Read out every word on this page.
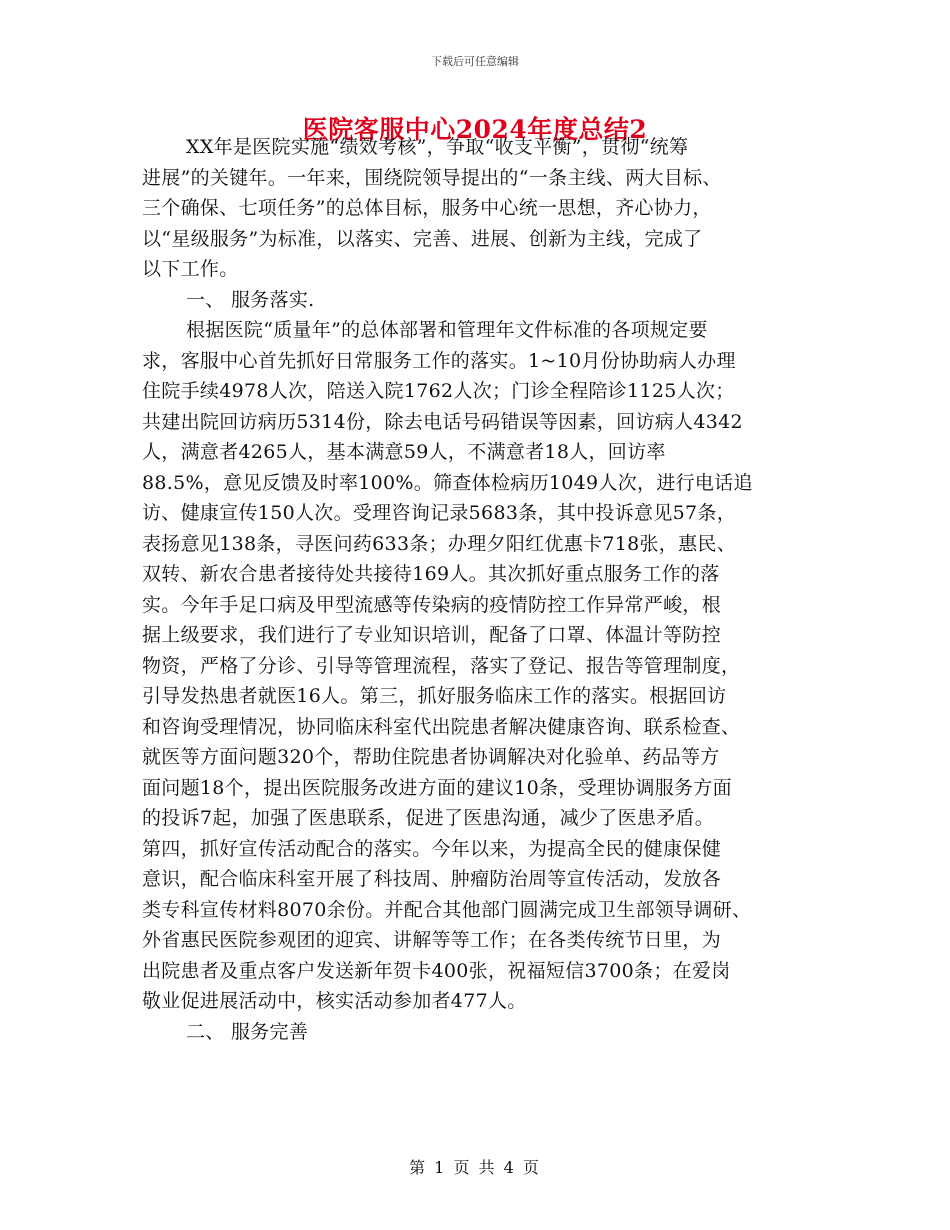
下载后可任意编辑
医院客服中心2024年度总结2
XX年是医院实施“绩效考核”，争取“收支平衡”，贯彻“统筹
进展”的关键年。一年来，围绕院领导提出的“一条主线、两大目标、
三个确保、七项任务”的总体目标，服务中心统一思想，齐心协力，
以“星级服务”为标准，以落实、完善、进展、创新为主线，完成了
以下工作。
一、 服务落实.
根据医院“质量年”的总体部署和管理年文件标准的各项规定要
求，客服中心首先抓好日常服务工作的落实。1~10月份协助病人办理
住院手续4978人次，陪送入院1762人次；门诊全程陪诊1125人次；
共建出院回访病历5314份，除去电话号码错误等因素，回访病人4342
人，满意者4265人，基本满意59人，不满意者18人，回访率
88.5%，意见反馈及时率100%。筛查体检病历1049人次，进行电话追
访、健康宣传150人次。受理咨询记录5683条，其中投诉意见57条，
表扬意见138条，寻医问药633条；办理夕阳红优惠卡718张，惠民、
双转、新农合患者接待处共接待169人。其次抓好重点服务工作的落
实。今年手足口病及甲型流感等传染病的疫情防控工作异常严峻，根
据上级要求，我们进行了专业知识培训，配备了口罩、体温计等防控
物资，严格了分诊、引导等管理流程，落实了登记、报告等管理制度，
引导发热患者就医16人。第三，抓好服务临床工作的落实。根据回访
和咨询受理情况，协同临床科室代出院患者解决健康咨询、联系检查、
就医等方面问题320个，帮助住院患者协调解决对化验单、药品等方
面问题18个，提出医院服务改进方面的建议10条，受理协调服务方面
的投诉7起，加强了医患联系，促进了医患沟通，减少了医患矛盾。
第四，抓好宣传活动配合的落实。今年以来，为提高全民的健康保健
意识，配合临床科室开展了科技周、肿瘤防治周等宣传活动，发放各
类专科宣传材料8070余份。并配合其他部门圆满完成卫生部领导调研、
外省惠民医院参观团的迎宾、讲解等等工作；在各类传统节日里，为
出院患者及重点客户发送新年贺卡400张，祝福短信3700条；在爱岗
敬业促进展活动中，核实活动参加者477人。
二、 服务完善
第 1 页 共 4 页
